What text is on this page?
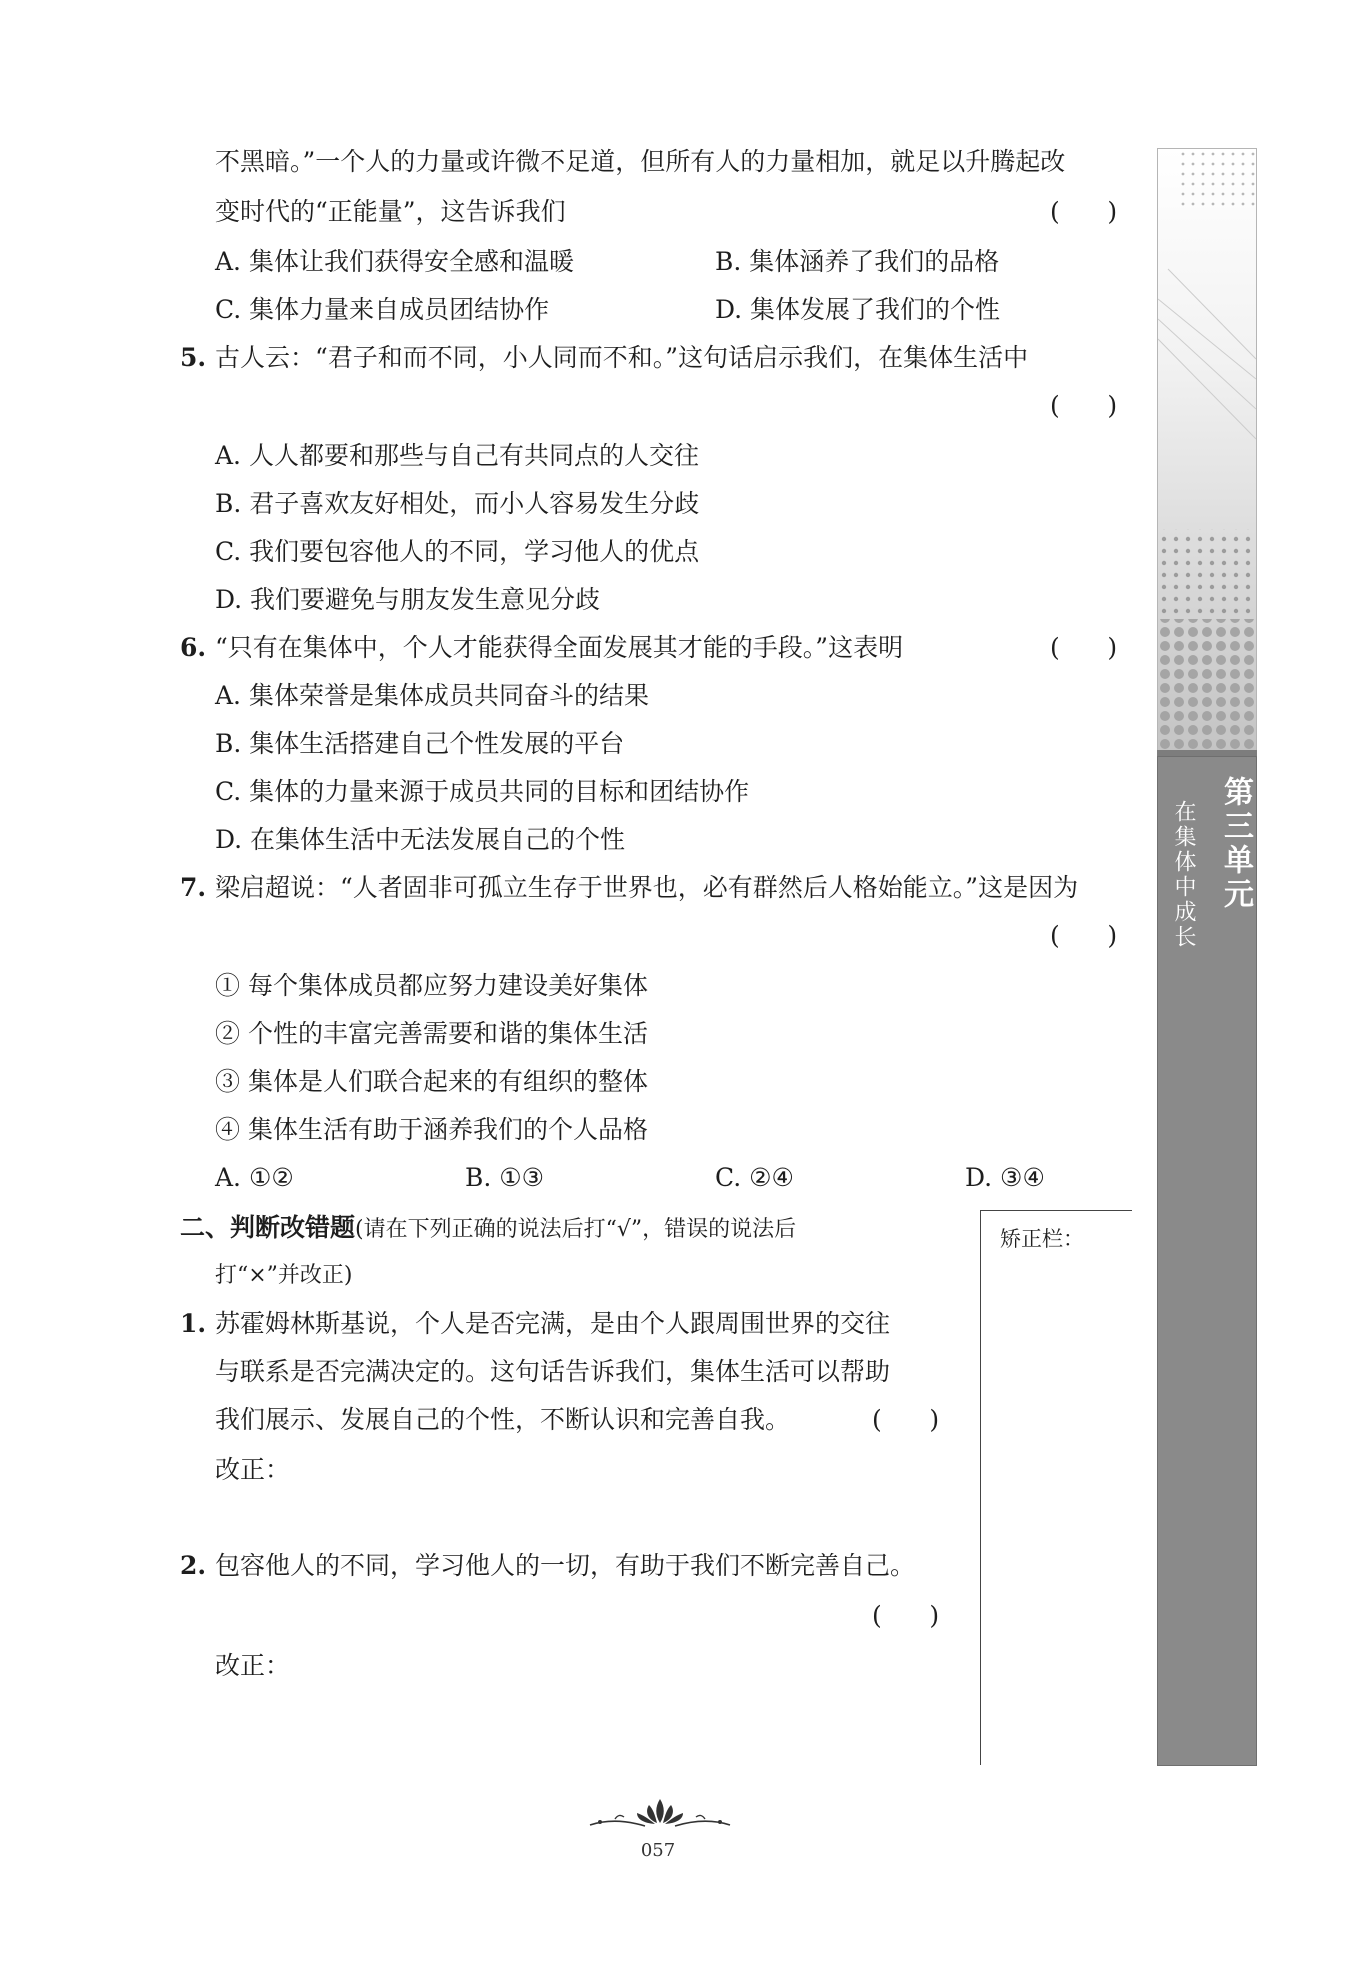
不黑暗。”一个人的力量或许微不足道，但所有人的力量相加，就足以升腾起改
变时代的“正能量”，这告诉我们	(      )
A. 集体让我们获得安全感和温暖	B. 集体涵养了我们的品格
C. 集体力量来自成员团结协作	D. 集体发展了我们的个性
5. 古人云：“君子和而不同，小人同而不和。”这句话启示我们，在集体生活中
(      )
A. 人人都要和那些与自己有共同点的人交往
B. 君子喜欢友好相处，而小人容易发生分歧
C. 我们要包容他人的不同，学习他人的优点
D. 我们要避免与朋友发生意见分歧
6. “只有在集体中，个人才能获得全面发展其才能的手段。”这表明	(      )
A. 集体荣誉是集体成员共同奋斗的结果
B. 集体生活搭建自己个性发展的平台
C. 集体的力量来源于成员共同的目标和团结协作
D. 在集体生活中无法发展自己的个性
7. 梁启超说：“人者固非可孤立生存于世界也，必有群然后人格始能立。”这是因为
(      )
① 每个集体成员都应努力建设美好集体
② 个性的丰富完善需要和谐的集体生活
③ 集体是人们联合起来的有组织的整体
④ 集体生活有助于涵养我们的个人品格
A. ①②	B. ①③	C. ②④	D. ③④
二、判断改错题(请在下列正确的说法后打“√”，错误的说法后
打“×”并改正)
1. 苏霍姆林斯基说，个人是否完满，是由个人跟周围世界的交往
与联系是否完满决定的。这句话告诉我们，集体生活可以帮助
我们展示、发展自己的个性，不断认识和完善自我。	(      )
改正：
2. 包容他人的不同，学习他人的一切，有助于我们不断完善自己。
(      )
改正：
矫正栏：
第三单元
在集体中成长
057
